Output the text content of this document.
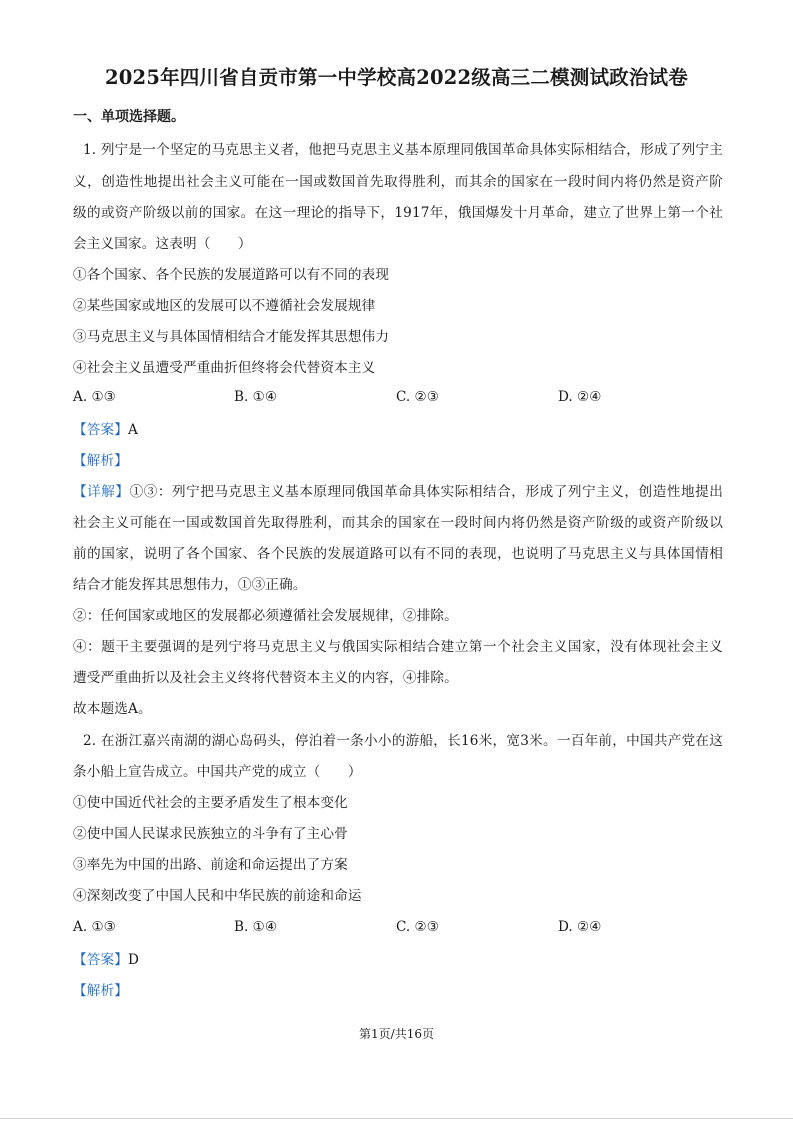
2025年四川省自贡市第一中学校高2022级高三二模测试政治试卷
一、单项选择题。
1. 列宁是一个坚定的马克思主义者，他把马克思主义基本原理同俄国革命具体实际相结合，形成了列宁主
义，创造性地提出社会主义可能在一国或数国首先取得胜利，而其余的国家在一段时间内将仍然是资产阶
级的或资产阶级以前的国家。在这一理论的指导下，1917年，俄国爆发十月革命，建立了世界上第一个社
会主义国家。这表明（　　）
①各个国家、各个民族的发展道路可以有不同的表现
②某些国家或地区的发展可以不遵循社会发展规律
③马克思主义与具体国情相结合才能发挥其思想伟力
④社会主义虽遭受严重曲折但终将会代替资本主义
A. ①③	B. ①④	C. ②③	D. ②④
【答案】A
【解析】
【详解】①③：列宁把马克思主义基本原理同俄国革命具体实际相结合，形成了列宁主义，创造性地提出
社会主义可能在一国或数国首先取得胜利，而其余的国家在一段时间内将仍然是资产阶级的或资产阶级以
前的国家，说明了各个国家、各个民族的发展道路可以有不同的表现，也说明了马克思主义与具体国情相
结合才能发挥其思想伟力，①③正确。
②：任何国家或地区的发展都必须遵循社会发展规律，②排除。
④：题干主要强调的是列宁将马克思主义与俄国实际相结合建立第一个社会主义国家，没有体现社会主义
遭受严重曲折以及社会主义终将代替资本主义的内容，④排除。
故本题选A。
2. 在浙江嘉兴南湖的湖心岛码头，停泊着一条小小的游船，长16米，宽3米。一百年前，中国共产党在这
条小船上宣告成立。中国共产党的成立（　　）
①使中国近代社会的主要矛盾发生了根本变化
②使中国人民谋求民族独立的斗争有了主心骨
③率先为中国的出路、前途和命运提出了方案
④深刻改变了中国人民和中华民族的前途和命运
A. ①③	B. ①④	C. ②③	D. ②④
【答案】D
【解析】
第1页/共16页
